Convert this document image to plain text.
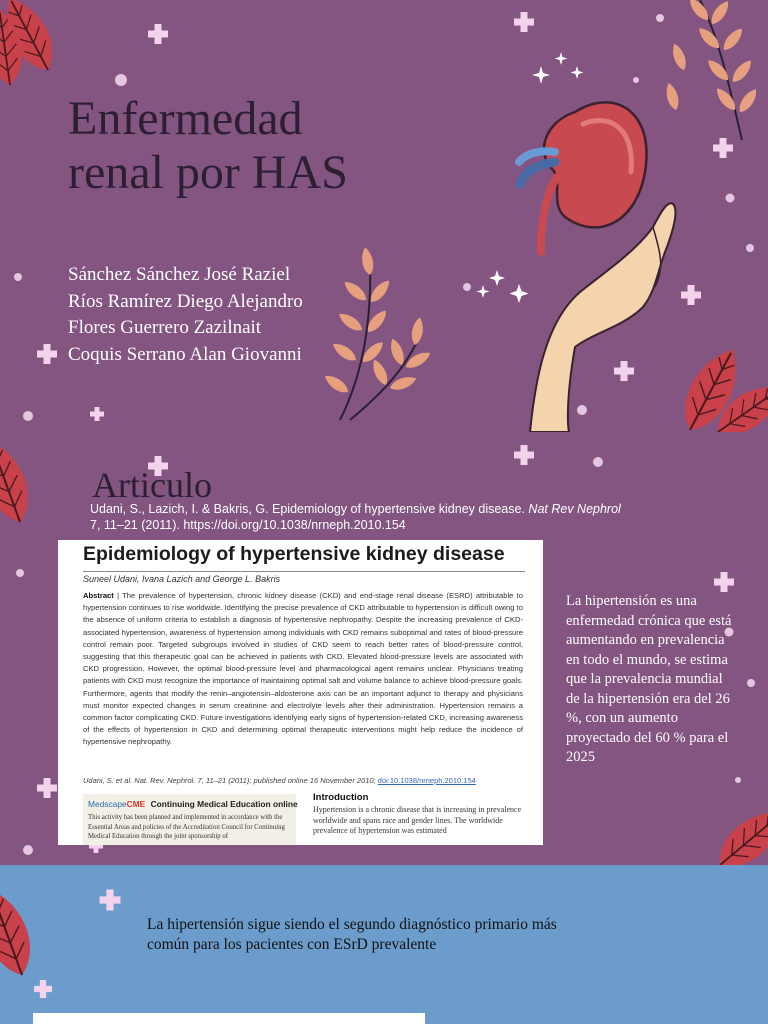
Enfermedad
renal por HAS
Sánchez Sánchez José Raziel
Ríos Ramírez Diego Alejandro
Flores Guerrero Zazilnait
Coquis Serrano Alan Giovanni
Articulo
Udani, S., Lazich, I. & Bakris, G. Epidemiology of hypertensive kidney disease. Nat Rev Nephrol 7, 11–21 (2011). https://doi.org/10.1038/nrneph.2010.154
Epidemiology of hypertensive kidney disease
Suneel Udani, Ivana Lazich and George L. Bakris
Abstract | The prevalence of hypertension, chronic kidney disease (CKD) and end-stage renal disease (ESRD) attributable to hypertension continues to rise worldwide. Identifying the precise prevalence of CKD attributable to hypertension is difficult owing to the absence of uniform criteria to establish a diagnosis of hypertensive nephropathy. Despite the increasing prevalence of CKD-associated hypertension, awareness of hypertension among individuals with CKD remains suboptimal and rates of blood-pressure control remain poor. Targeted subgroups involved in studies of CKD seem to reach better rates of blood-pressure control, suggesting that this therapeutic goal can be achieved in patients with CKD. Elevated blood-pressure levels are associated with CKD progression. However, the optimal blood-pressure level and pharmacological agent remains unclear. Physicians treating patients with CKD must recognize the importance of maintaining optimal salt and volume balance to achieve blood-pressure goals. Furthermore, agents that modify the renin–angiotensin–aldosterone axis can be an important adjunct to therapy and physicians must monitor expected changes in serum creatinine and electrolyte levels after their administration. Hypertension remains a common factor complicating CKD. Future investigations identifying early signs of hypertension-related CKD, increasing awareness of the effects of hypertension in CKD and determining optimal therapeutic interventions might help reduce the incidence of hypertensive nephropathy.
Udani, S. et al. Nat. Rev. Nephrol. 7, 11–21 (2011); published online 16 November 2010; doi:10.1038/nrneph.2010.154
MedscapeCME Continuing Medical Education online
This activity has been planned and implemented in accordance with the Essential Areas and policies of the Accreditation Council for Continuing Medical Education through the joint sponsorship of
Introduction
Hypertension is a chronic disease that is increasing in prevalence worldwide and spans race and gender lines. The worldwide prevalence of hypertension was estimated
La hipertensión es una enfermedad crónica que está aumentando en prevalencia en todo el mundo, se estima que la prevalencia mundial de la hipertensión era del 26 %, con un aumento proyectado del 60 % para el 2025
La hipertensión sigue siendo el segundo diagnóstico primario más común para los pacientes con ESrD prevalente
